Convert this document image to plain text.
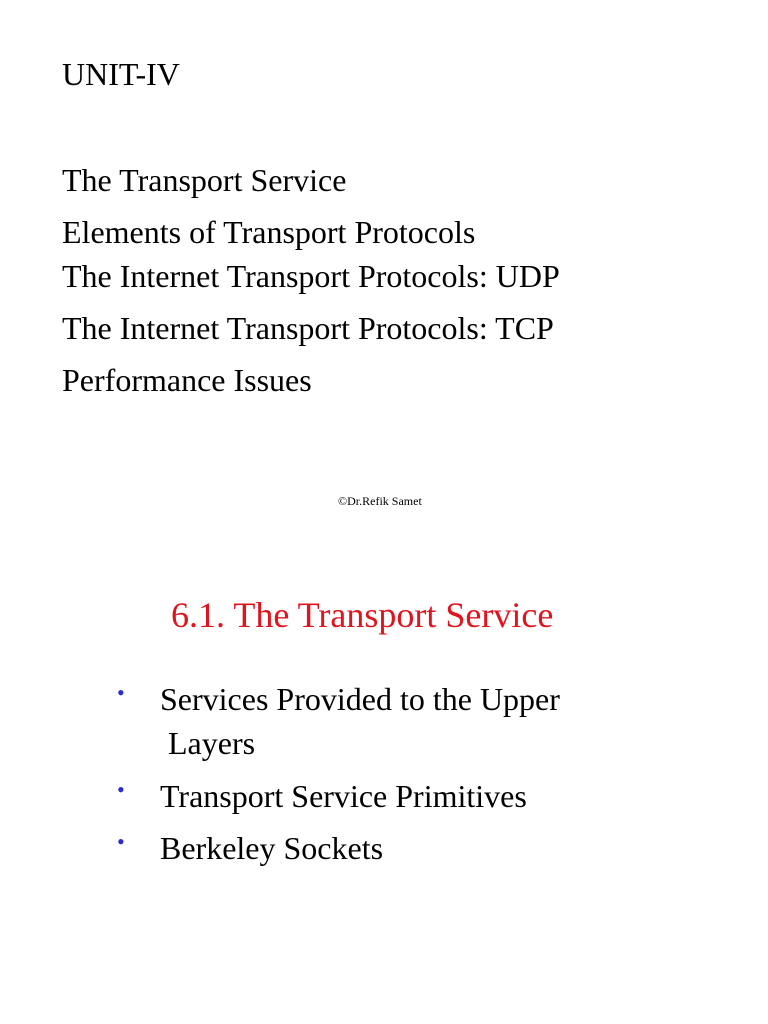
UNIT-IV
The Transport Service
Elements of Transport Protocols
The Internet Transport Protocols: UDP
The Internet Transport Protocols: TCP
Performance Issues
©Dr.Refik Samet
6.1. The Transport Service
• Services Provided to the Upper
Layers
• Transport Service Primitives
• Berkeley Sockets
